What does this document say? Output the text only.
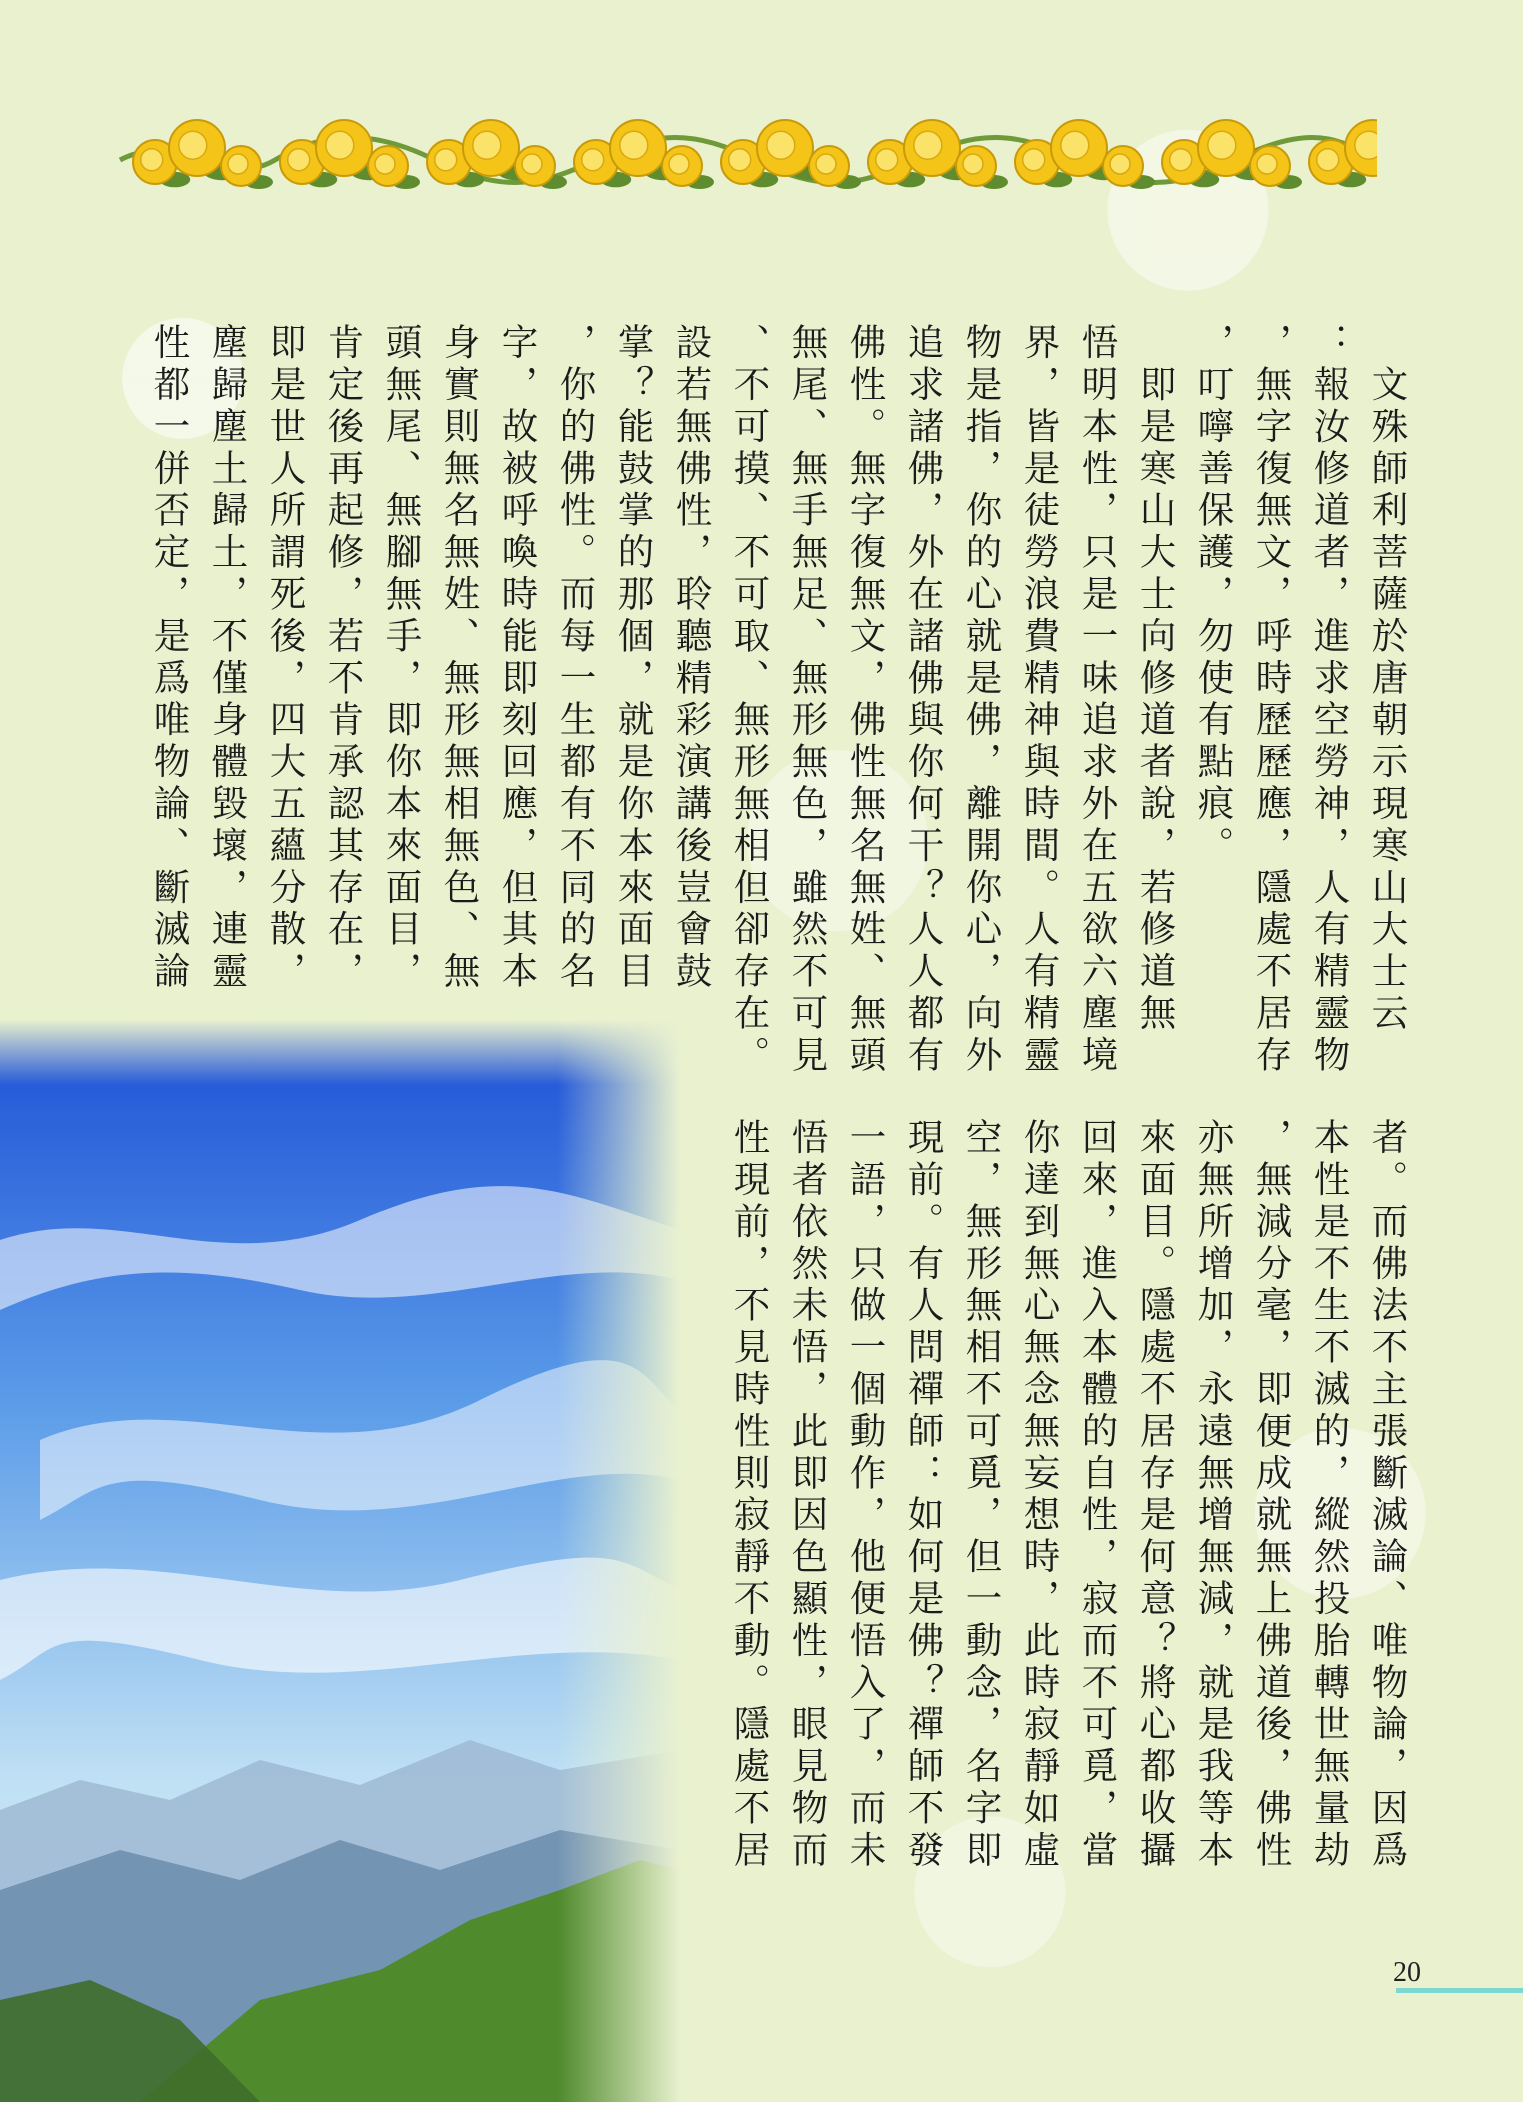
　文殊師利菩薩於唐朝示現寒山大士云
：報汝修道者，進求空勞神，人有精靈物
，無字復無文，呼時歷歷應，隱處不居存
，叮嚀善保護，勿使有點痕。
　即是寒山大士向修道者說，若修道無
悟明本性，只是一味追求外在五欲六塵境
界，皆是徒勞浪費精神與時間。人有精靈
物是指，你的心就是佛，離開你心，向外
追求諸佛，外在諸佛與你何干？人人都有
佛性。無字復無文，佛性無名無姓、無頭
無尾、無手無足、無形無色，雖然不可見
、不可摸、不可取、無形無相但卻存在。
設若無佛性，聆聽精彩演講後豈會鼓
掌？能鼓掌的那個，就是你本來面目
，你的佛性。而每一生都有不同的名
字，故被呼喚時能即刻回應，但其本
身實則無名無姓、無形無相無色、無
頭無尾、無腳無手，即你本來面目，
肯定後再起修，若不肯承認其存在，
即是世人所謂死後，四大五蘊分散，
塵歸塵土歸土，不僅身體毀壞，連靈
性都一併否定，是爲唯物論、斷滅論

者。而佛法不主張斷滅論、唯物論，因爲
本性是不生不滅的，縱然投胎轉世無量劫
，無減分毫，即便成就無上佛道後，佛性
亦無所增加，永遠無增無減，就是我等本
來面目。隱處不居存是何意？將心都收攝
回來，進入本體的自性，寂而不可覓，當
你達到無心無念無妄想時，此時寂靜如虛
空，無形無相不可覓，但一動念，名字即
現前。有人問禪師：如何是佛？禪師不發
一語，只做一個動作，他便悟入了，而未
悟者依然未悟，此即因色顯性，眼見物而
性現前，不見時性則寂靜不動。隱處不居

20
